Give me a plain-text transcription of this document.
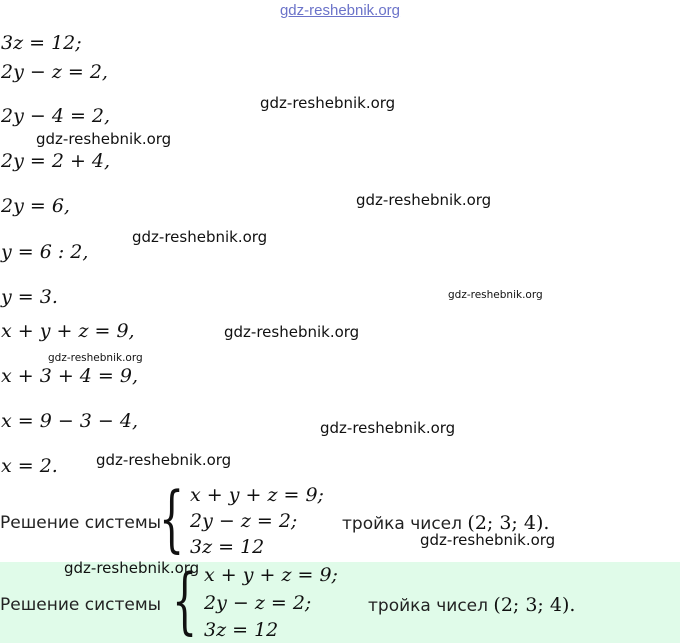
gdz-reshebnik.org
3z = 12;
2y − z = 2,
2y − 4 = 2,
2y = 2 + 4,
2y = 6,
y = 6 : 2,
y = 3.
x + y + z = 9,
x + 3 + 4 = 9,
x = 9 − 3 − 4,
x = 2.
gdz-reshebnik.org
gdz-reshebnik.org
gdz-reshebnik.org
gdz-reshebnik.org
gdz-reshebnik.org
gdz-reshebnik.org
gdz-reshebnik.org
gdz-reshebnik.org
gdz-reshebnik.org
gdz-reshebnik.org
Решение системы
{ x + y + z = 9;
2y − z = 2;
3z = 12
тройка чисел (2; 3; 4).
gdz-reshebnik.org
Решение системы { x + y + z = 9;
2y − z = 2;
3z = 12
тройка чисел (2; 3; 4).
